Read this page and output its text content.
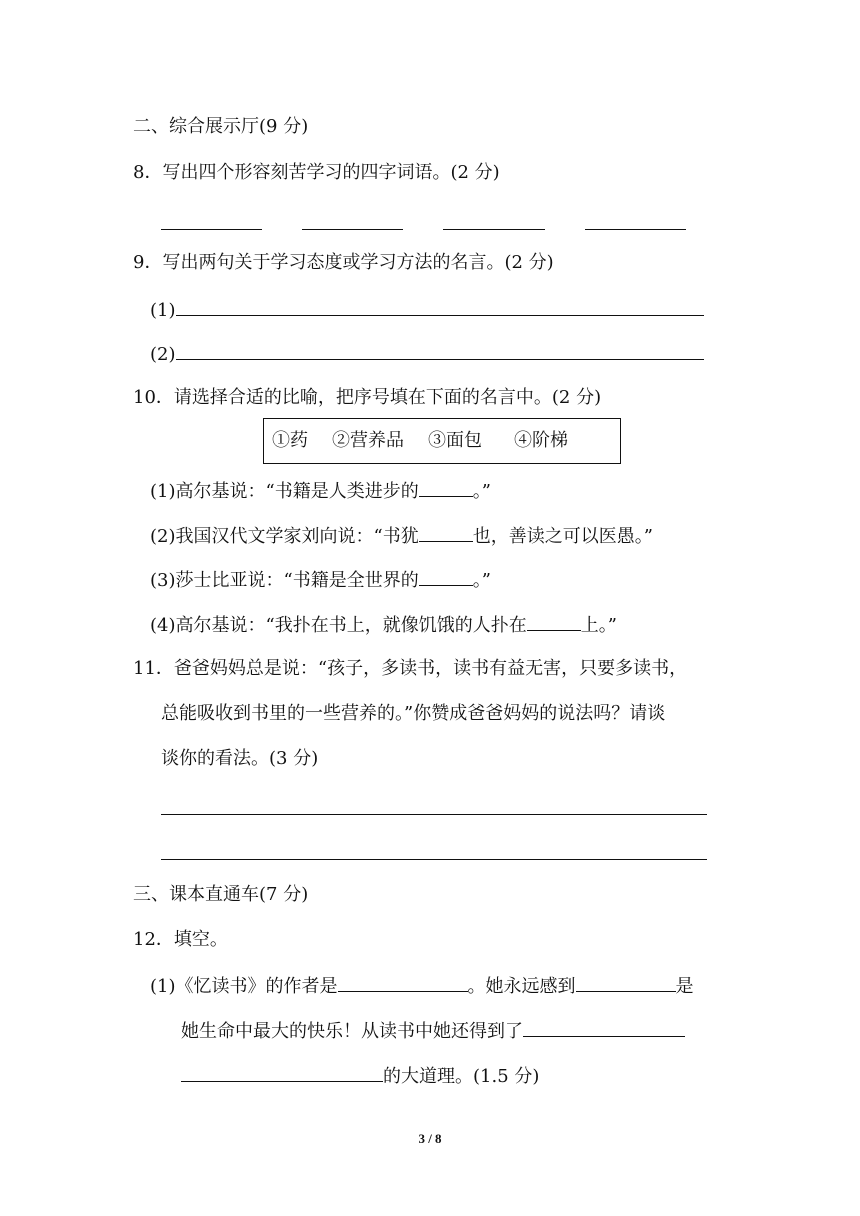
二、综合展示厅(9 分)
8．写出四个形容刻苦学习的四字词语。(2 分)
9．写出两句关于学习态度或学习方法的名言。(2 分)
(1)
(2)
10．请选择合适的比喻，把序号填在下面的名言中。(2 分)
①药 ②营养品 ③面包 ④阶梯
(1)高尔基说：“书籍是人类进步的	。”
(2)我国汉代文学家刘向说：“书犹	也，善读之可以医愚。”
(3)莎士比亚说：“书籍是全世界的	。”
(4)高尔基说：“我扑在书上，就像饥饿的人扑在	上。”
11．爸爸妈妈总是说：“孩子，多读书，读书有益无害，只要多读书，
总能吸收到书里的一些营养的。”你赞成爸爸妈妈的说法吗？请谈
谈你的看法。(3 分)
三、课本直通车(7 分)
12．填空。
(1)《忆读书》的作者是	。她永远感到	是
她生命中最大的快乐！从读书中她还得到了
的大道理。(1.5 分)
3 / 8
